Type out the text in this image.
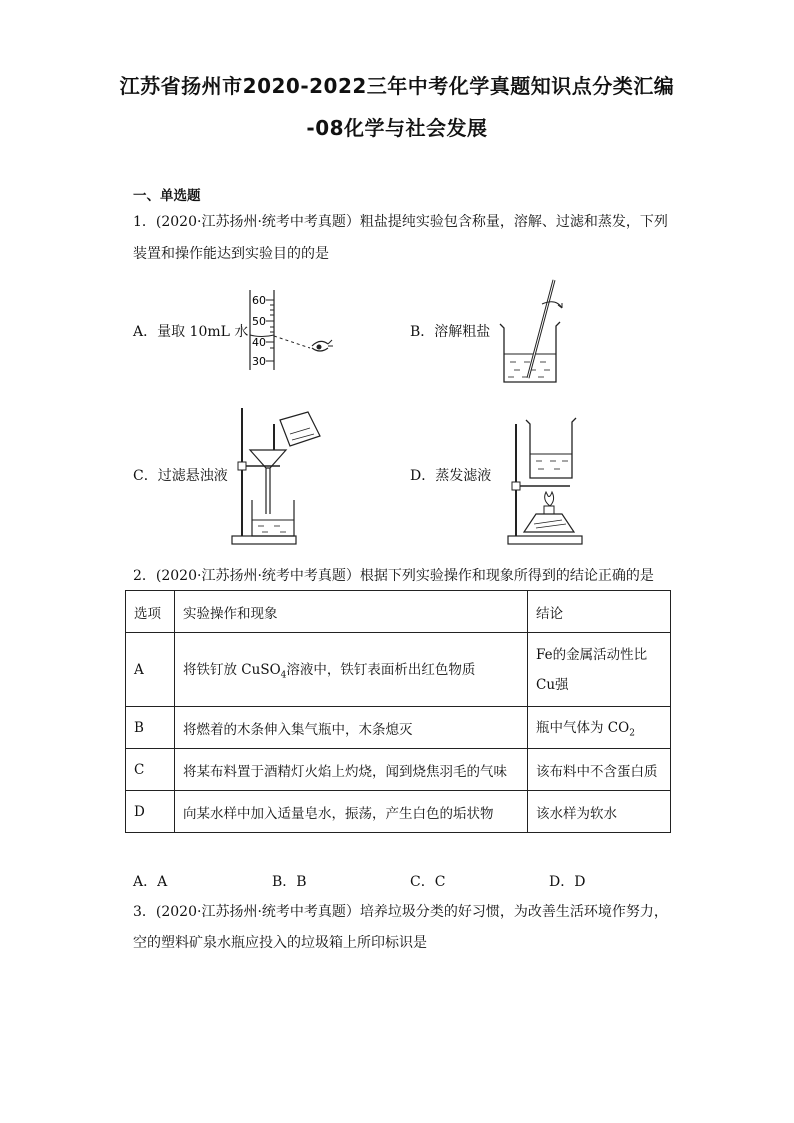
江苏省扬州市2020-2022三年中考化学真题知识点分类汇编
-08化学与社会发展
一、单选题
1．(2020·江苏扬州·统考中考真题）粗盐提纯实验包含称量，溶解、过滤和蒸发，下列
装置和操作能达到实验目的的是
A．量取 10mL 水	B．溶解粗盐
C．过滤悬浊液	D．蒸发滤液
60
50
40
30
2．(2020·江苏扬州·统考中考真题）根据下列实验操作和现象所得到的结论正确的是
选项	实验操作和现象	结论
A	将铁钉放 CuSO$_4$溶液中，铁钉表面析出红色物质	Fe的金属活动性比
Cu强
B	将燃着的木条伸入集气瓶中，木条熄灭	瓶中气体为 $CO_2$
C	将某布料置于酒精灯火焰上灼烧，闻到烧焦羽毛的气味	该布料中不含蛋白质
D	向某水样中加入适量皂水，振荡，产生白色的垢状物	该水样为软水
A．A	B．B	C．C	D．D
3．(2020·江苏扬州·统考中考真题）培养垃圾分类的好习惯，为改善生活环境作努力，
空的塑料矿泉水瓶应投入的垃圾箱上所印标识是
